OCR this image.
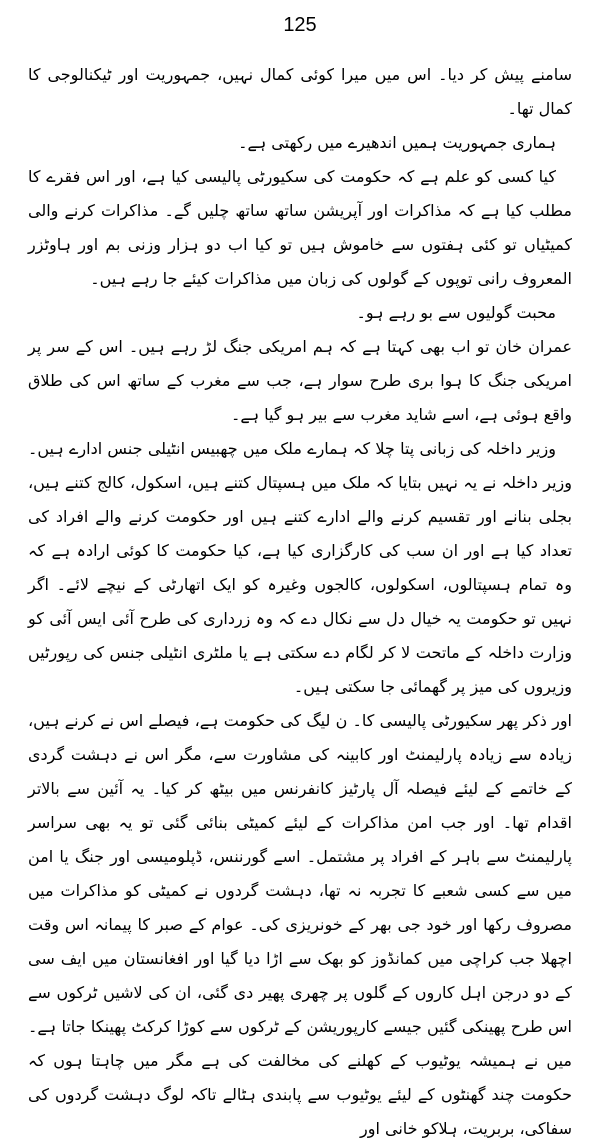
125

سامنے پیش کر دیا۔ اس میں میرا کوئی کمال نہیں، جمہوریت اور ٹیکنالوجی کا کمال تھا۔

ہماری جمہوریت ہمیں اندھیرے میں رکھتی ہے۔

کیا کسی کو علم ہے کہ حکومت کی سکیورٹی پالیسی کیا ہے، اور اس فقرے کا مطلب کیا ہے کہ مذاکرات اور آپریشن ساتھ ساتھ چلیں گے۔ مذاکرات کرنے والی کمیٹیاں تو کئی ہفتوں سے خاموش ہیں تو کیا اب دو ہزار وزنی بم اور ہاوٹزر المعروف رانی توپوں کے گولوں کی زبان میں مذاکرات کیئے جا رہے ہیں۔

محبت گولیوں سے بو رہے ہو۔

عمران خان تو اب بھی کہتا ہے کہ ہم امریکی جنگ لڑ رہے ہیں۔ اس کے سر پر امریکی جنگ کا ہوا بری طرح سوار ہے، جب سے مغرب کے ساتھ اس کی طلاق واقع ہوئی ہے، اسے شاید مغرب سے بیر ہو گیا ہے۔

وزیر داخلہ کی زبانی پتا چلا کہ ہمارے ملک میں چھبیس انٹیلی جنس ادارے ہیں۔ وزیر داخلہ نے یہ نہیں بتایا کہ ملک میں ہسپتال کتنے ہیں، اسکول، کالج کتنے ہیں، بجلی بنانے اور تقسیم کرنے والے ادارے کتنے ہیں اور حکومت کرنے والے افراد کی تعداد کیا ہے اور ان سب کی کارگزاری کیا ہے، کیا حکومت کا کوئی ارادہ ہے کہ وہ تمام ہسپتالوں، اسکولوں، کالجوں وغیرہ کو ایک اتھارٹی کے نیچے لائے۔ اگر نہیں تو حکومت یہ خیال دل سے نکال دے کہ وہ زرداری کی طرح آئی ایس آئی کو وزارت داخلہ کے ماتحت لا کر لگام دے سکتی ہے یا ملٹری انٹیلی جنس کی رپورٹیں وزیروں کی میز پر گھمائی جا سکتی ہیں۔

اور ذکر پھر سکیورٹی پالیسی کا۔ ن لیگ کی حکومت ہے، فیصلے اس نے کرنے ہیں، زیادہ سے زیادہ پارلیمنٹ اور کابینہ کی مشاورت سے، مگر اس نے دہشت گردی کے خاتمے کے لیئے فیصلہ آل پارٹیز کانفرنس میں بیٹھ کر کیا۔ یہ آئین سے بالاتر اقدام تھا۔ اور جب امن مذاکرات کے لیئے کمیٹی بنائی گئی تو یہ بھی سراسر پارلیمنٹ سے باہر کے افراد پر مشتمل۔ اسے گورننس، ڈپلومیسی اور جنگ یا امن میں سے کسی شعبے کا تجربہ نہ تھا، دہشت گردوں نے کمیٹی کو مذاکرات میں مصروف رکھا اور خود جی بھر کے خونریزی کی۔ عوام کے صبر کا پیمانہ اس وقت اچھلا جب کراچی میں کمانڈوز کو بھک سے اڑا دیا گیا اور افغانستان میں ایف سی کے دو درجن اہل کاروں کے گلوں پر چھری پھیر دی گئی، ان کی لاشیں ٹرکوں سے اس طرح پھینکی گئیں جیسے کارپوریشن کے ٹرکوں سے کوڑا کرکٹ پھینکا جاتا ہے۔ میں نے ہمیشہ یوٹیوب کے کھلنے کی مخالفت کی ہے مگر میں چاہتا ہوں کہ حکومت چند گھنٹوں کے لیئے یوٹیوب سے پابندی ہٹالے تاکہ لوگ دہشت گردوں کی سفاکی، بربریت، ہلاکو خانی اور
